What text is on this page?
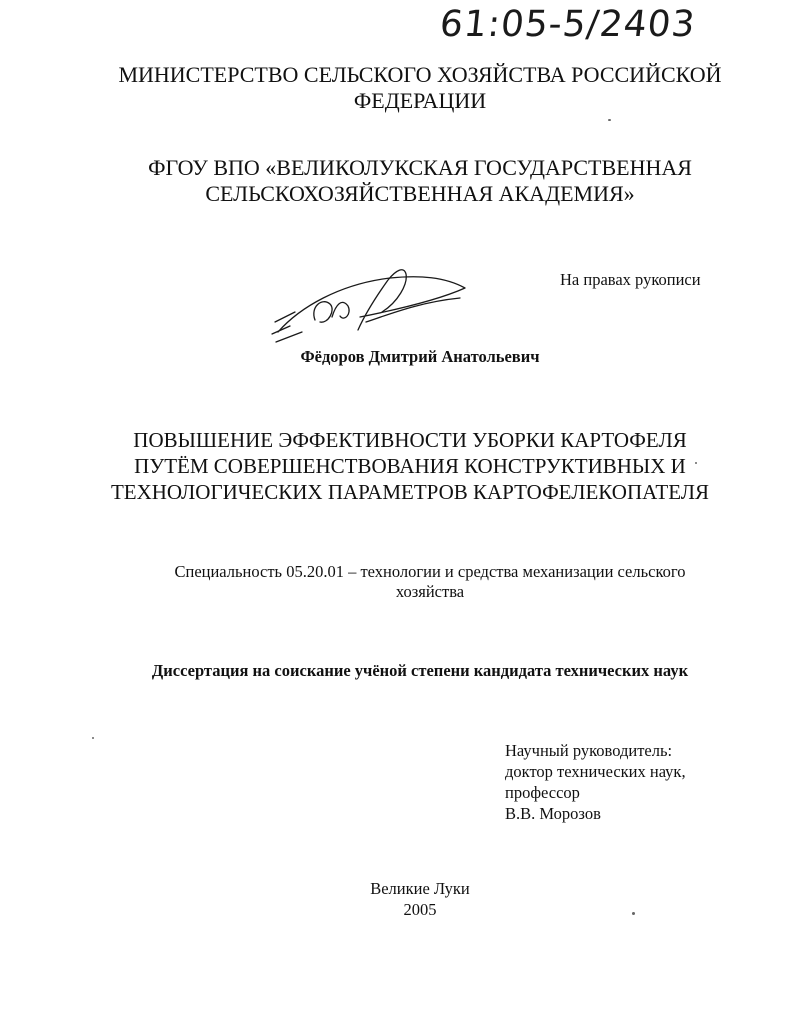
61:05-5/2403
МИНИСТЕРСТВО СЕЛЬСКОГО ХОЗЯЙСТВА РОССИЙСКОЙ
ФЕДЕРАЦИИ
ФГОУ ВПО «ВЕЛИКОЛУКСКАЯ ГОСУДАРСТВЕННАЯ
СЕЛЬСКОХОЗЯЙСТВЕННАЯ АКАДЕМИЯ»
На правах рукописи
Фёдоров Дмитрий Анатольевич
ПОВЫШЕНИЕ ЭФФЕКТИВНОСТИ УБОРКИ КАРТОФЕЛЯ
ПУТЁМ СОВЕРШЕНСТВОВАНИЯ КОНСТРУКТИВНЫХ И
ТЕХНОЛОГИЧЕСКИХ ПАРАМЕТРОВ КАРТОФЕЛЕКОПАТЕЛЯ
Специальность 05.20.01 – технологии и средства механизации сельского
хозяйства
Диссертация на соискание учёной степени кандидата технических наук
Научный руководитель:
доктор технических наук,
профессор
В.В. Морозов
Великие Луки
2005
